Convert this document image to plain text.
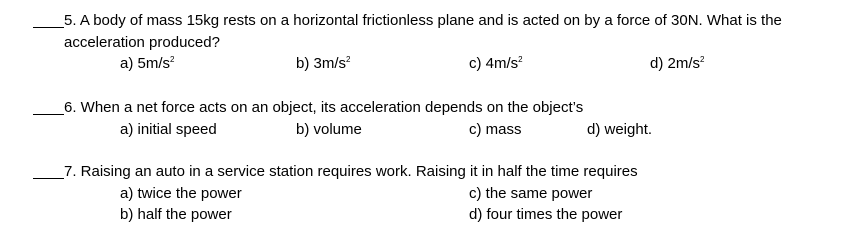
5. A body of mass 15kg rests on a horizontal frictionless plane and is acted on by a force of 30N. What is the
acceleration produced?
a) $5m/s^2$	b) $3m/s^2$	c) $4m/s^2$	d) $2m/s^2$
6. When a net force acts on an object, its acceleration depends on the object’s
a) initial speed	b) volume	c) mass	d) weight.
7. Raising an auto in a service station requires work. Raising it in half the time requires
a) twice the power	c) the same power
b) half the power	d) four times the power
